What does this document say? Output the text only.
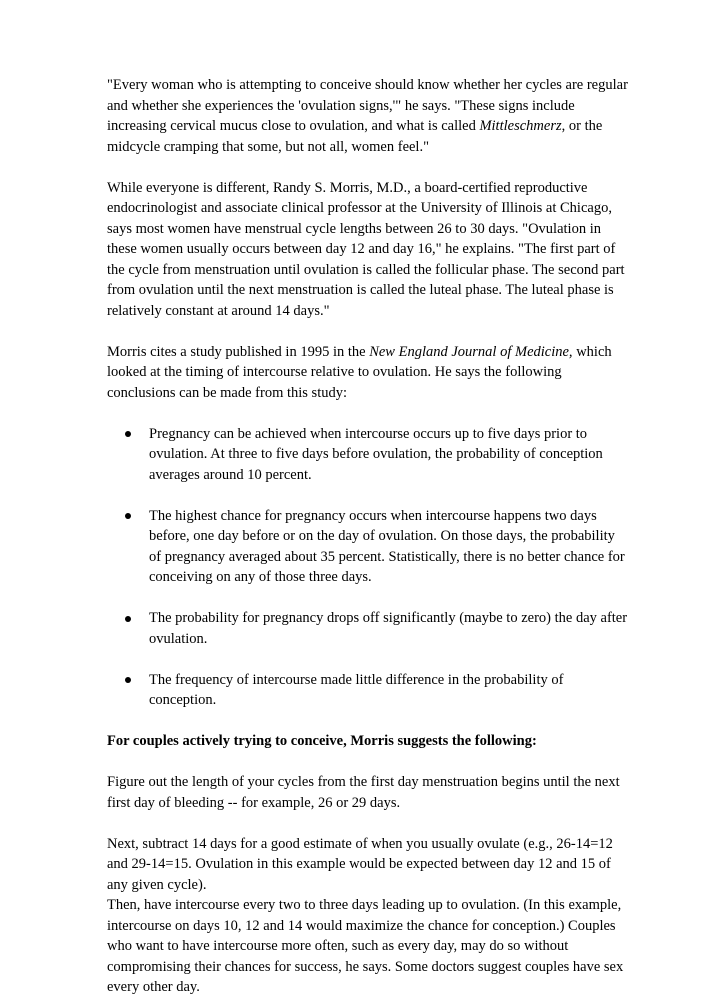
"Every woman who is attempting to conceive should know whether her cycles are regular and whether she experiences the 'ovulation signs,'" he says. "These signs include increasing cervical mucus close to ovulation, and what is called Mittleschmerz, or the midcycle cramping that some, but not all, women feel."

While everyone is different, Randy S. Morris, M.D., a board-certified reproductive endocrinologist and associate clinical professor at the University of Illinois at Chicago, says most women have menstrual cycle lengths between 26 to 30 days. "Ovulation in these women usually occurs between day 12 and day 16," he explains. "The first part of the cycle from menstruation until ovulation is called the follicular phase. The second part from ovulation until the next menstruation is called the luteal phase. The luteal phase is relatively constant at around 14 days."

Morris cites a study published in 1995 in the New England Journal of Medicine, which looked at the timing of intercourse relative to ovulation. He says the following conclusions can be made from this study:

Pregnancy can be achieved when intercourse occurs up to five days prior to ovulation. At three to five days before ovulation, the probability of conception averages around 10 percent.
The highest chance for pregnancy occurs when intercourse happens two days before, one day before or on the day of ovulation. On those days, the probability of pregnancy averaged about 35 percent. Statistically, there is no better chance for conceiving on any of those three days.
The probability for pregnancy drops off significantly (maybe to zero) the day after ovulation.
The frequency of intercourse made little difference in the probability of conception.

For couples actively trying to conceive, Morris suggests the following:

Figure out the length of your cycles from the first day menstruation begins until the next first day of bleeding -- for example, 26 or 29 days.

Next, subtract 14 days for a good estimate of when you usually ovulate (e.g., 26-14=12 and 29-14=15. Ovulation in this example would be expected between day 12 and 15 of any given cycle).

Then, have intercourse every two to three days leading up to ovulation. (In this example, intercourse on days 10, 12 and 14 would maximize the chance for conception.) Couples who want to have intercourse more often, such as every day, may do so without compromising their chances for success, he says. Some doctors suggest couples have sex every other day.
